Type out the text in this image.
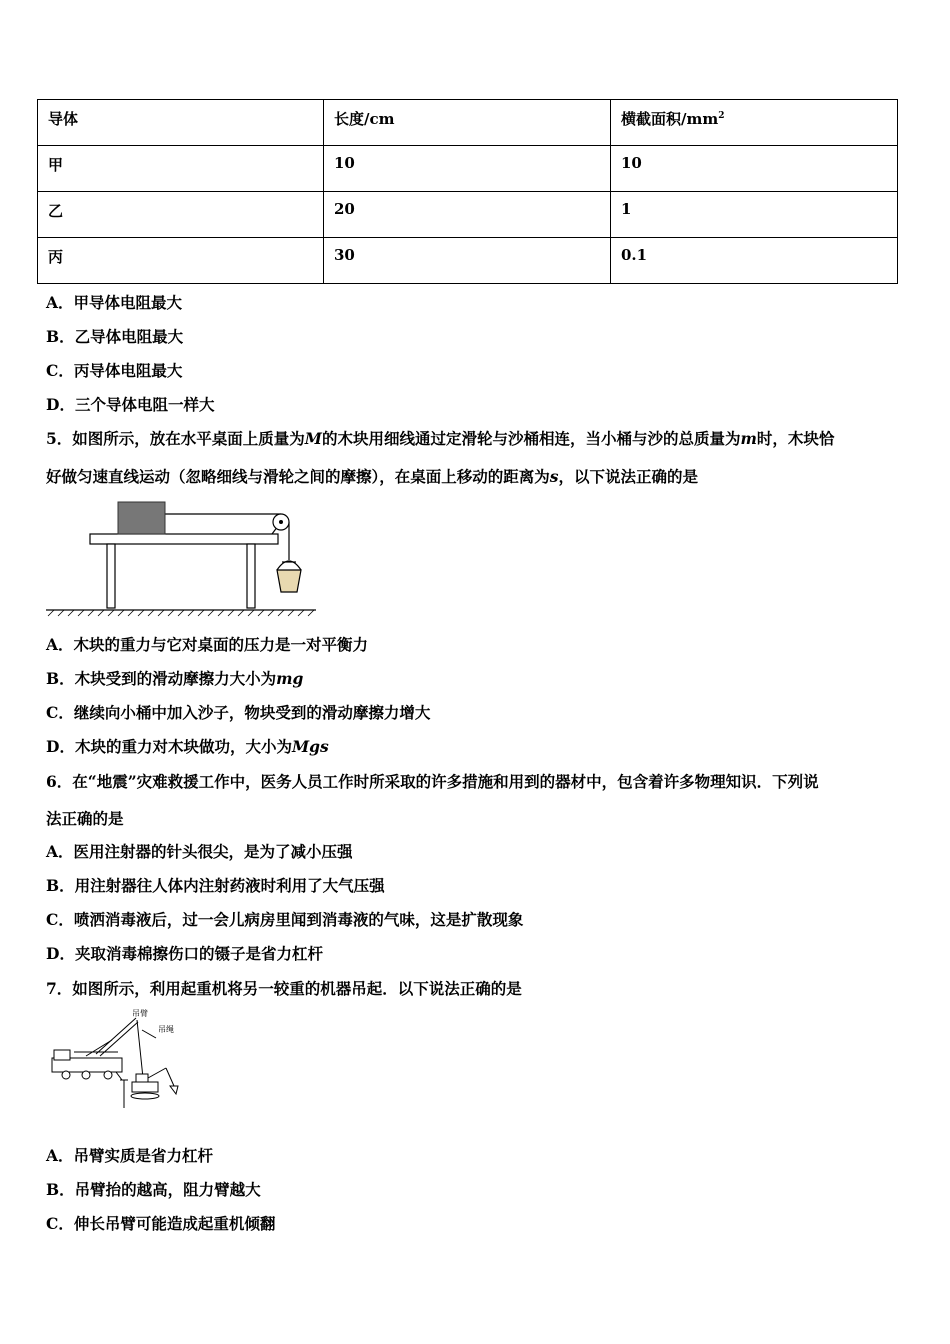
导体	长度/cm	横截面积$/mm^2$
甲	10	10
乙	20	1
丙	30	0.1
A．甲导体电阻最大
B．乙导体电阻最大
C．丙导体电阻最大
D．三个导体电阻一样大
5．如图所示，放在水平桌面上质量为M的木块用细线通过定滑轮与沙桶相连，当小桶与沙的总质量为m时，木块恰
好做匀速直线运动（忽略细线与滑轮之间的摩擦），在桌面上移动的距离为s，以下说法正确的是
A．木块的重力与它对桌面的压力是一对平衡力
B．木块受到的滑动摩擦力大小为mg
C．继续向小桶中加入沙子，物块受到的滑动摩擦力增大
D．木块的重力对木块做功，大小为Mgs
6．在“地震”灾难救援工作中，医务人员工作时所采取的许多措施和用到的器材中，包含着许多物理知识．下列说
法正确的是
A．医用注射器的针头很尖，是为了减小压强
B．用注射器往人体内注射药液时利用了大气压强
C．喷洒消毒液后，过一会儿病房里闻到消毒液的气味，这是扩散现象
D．夹取消毒棉擦伤口的镊子是省力杠杆
7．如图所示，利用起重机将另一较重的机器吊起．以下说法正确的是
吊臂
吊绳
A．吊臂实质是省力杠杆
B．吊臂抬的越高，阻力臂越大
C．伸长吊臂可能造成起重机倾翻
